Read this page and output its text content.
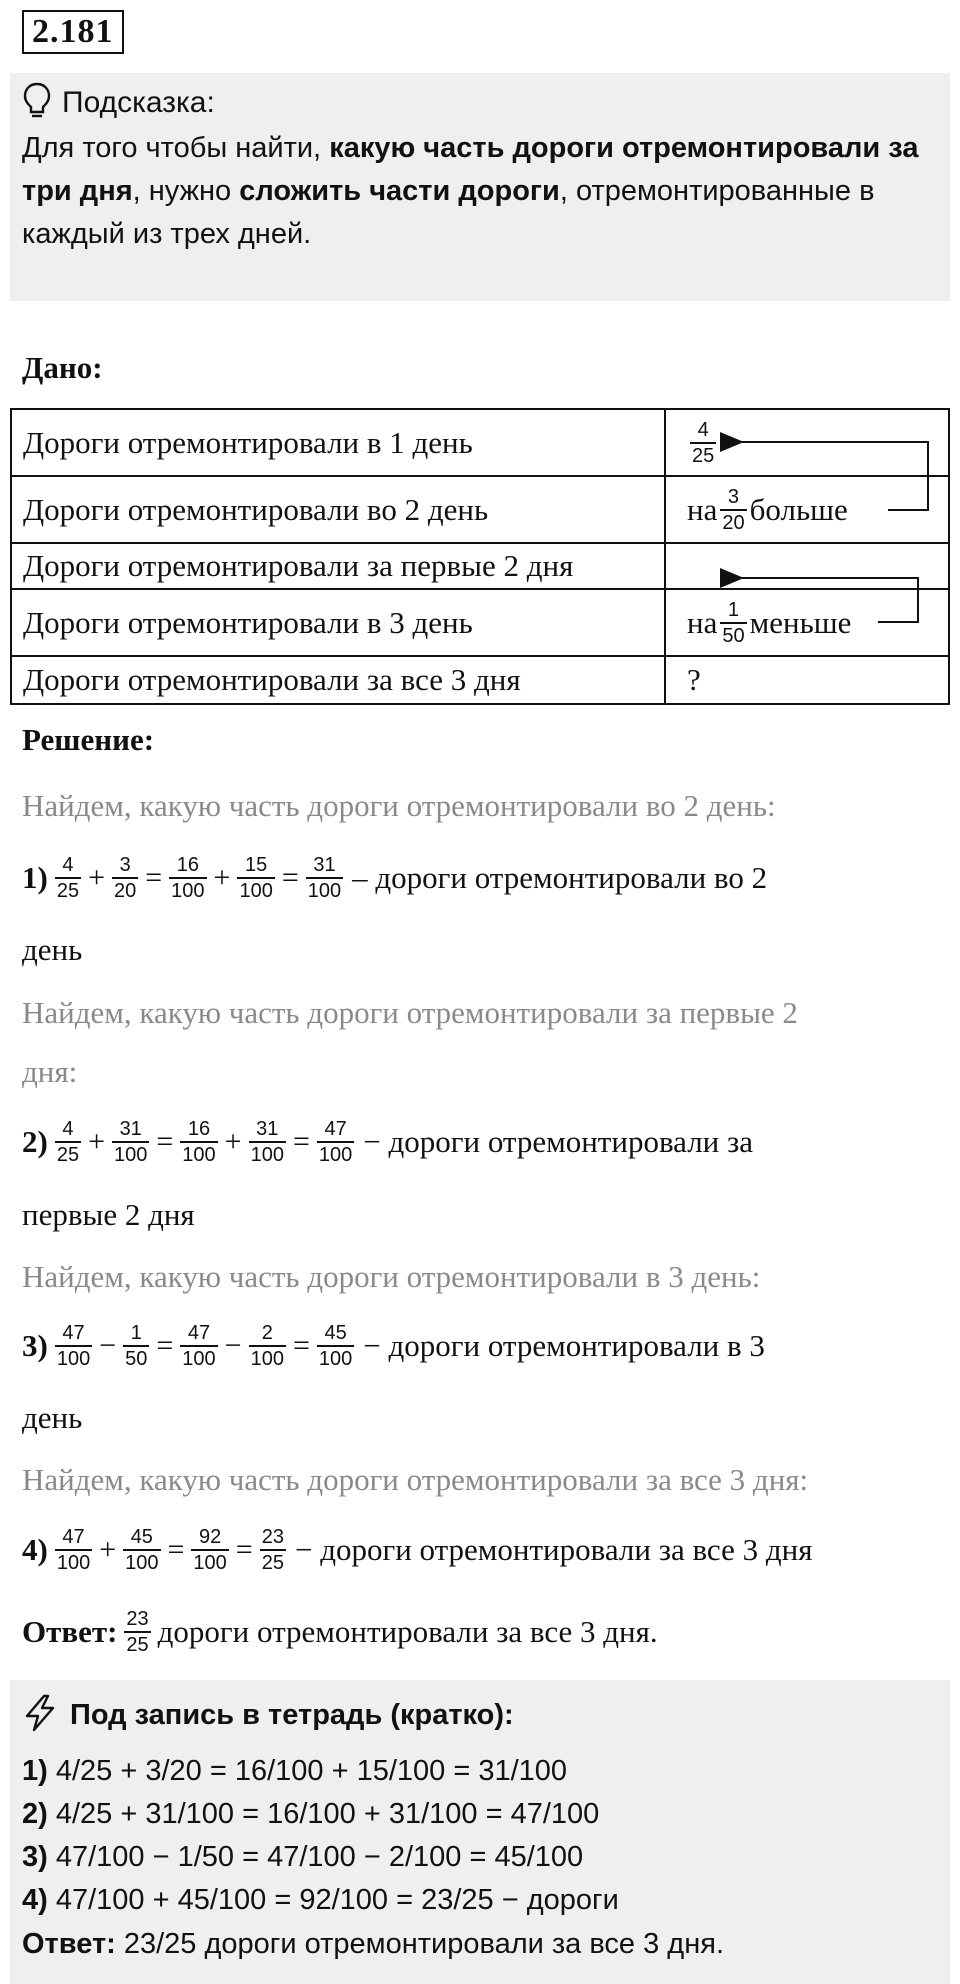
2.181
Подсказка:
Для того чтобы найти, какую часть дороги отремонтировали за три дня, нужно сложить части дороги, отремонтированные в каждый из трех дней.
Дано:
Дороги отремонтировали в 1 день	$\frac{4}{25}$
Дороги отремонтировали во 2 день	на $\frac{3}{20}$ больше
Дороги отремонтировали за первые 2 дня
Дороги отремонтировали в 3 день	на $\frac{1}{50}$ меньше
Дороги отремонтировали за все 3 дня	?
Решение:
Найдем, какую часть дороги отремонтировали во 2 день:
$1) \frac{4}{25} + \frac{3}{20} = \frac{16}{100} + \frac{15}{100} = \frac{31}{100}$ – дороги отремонтировали во 2
день
Найдем, какую часть дороги отремонтировали за первые 2
дня:
$2) \frac{4}{25} + \frac{31}{100} = \frac{16}{100} + \frac{31}{100} = \frac{47}{100}$ − дороги отремонтировали за
первые 2 дня
Найдем, какую часть дороги отремонтировали в 3 день:
$3) \frac{47}{100} - \frac{1}{50} = \frac{47}{100} - \frac{2}{100} = \frac{45}{100}$ − дороги отремонтировали в 3
день
Найдем, какую часть дороги отремонтировали за все 3 дня:
$4) \frac{47}{100} + \frac{45}{100} = \frac{92}{100} = \frac{23}{25}$ − дороги отремонтировали за все 3 дня
Ответ: $\frac{23}{25}$ дороги отремонтировали за все 3 дня.
Под запись в тетрадь (кратко):
1) 4/25 + 3/20 = 16/100 + 15/100 = 31/100
2) 4/25 + 31/100 = 16/100 + 31/100 = 47/100
3) 47/100 − 1/50 = 47/100 − 2/100 = 45/100
4) 47/100 + 45/100 = 92/100 = 23/25 − дороги
Ответ: 23/25 дороги отремонтировали за все 3 дня.
